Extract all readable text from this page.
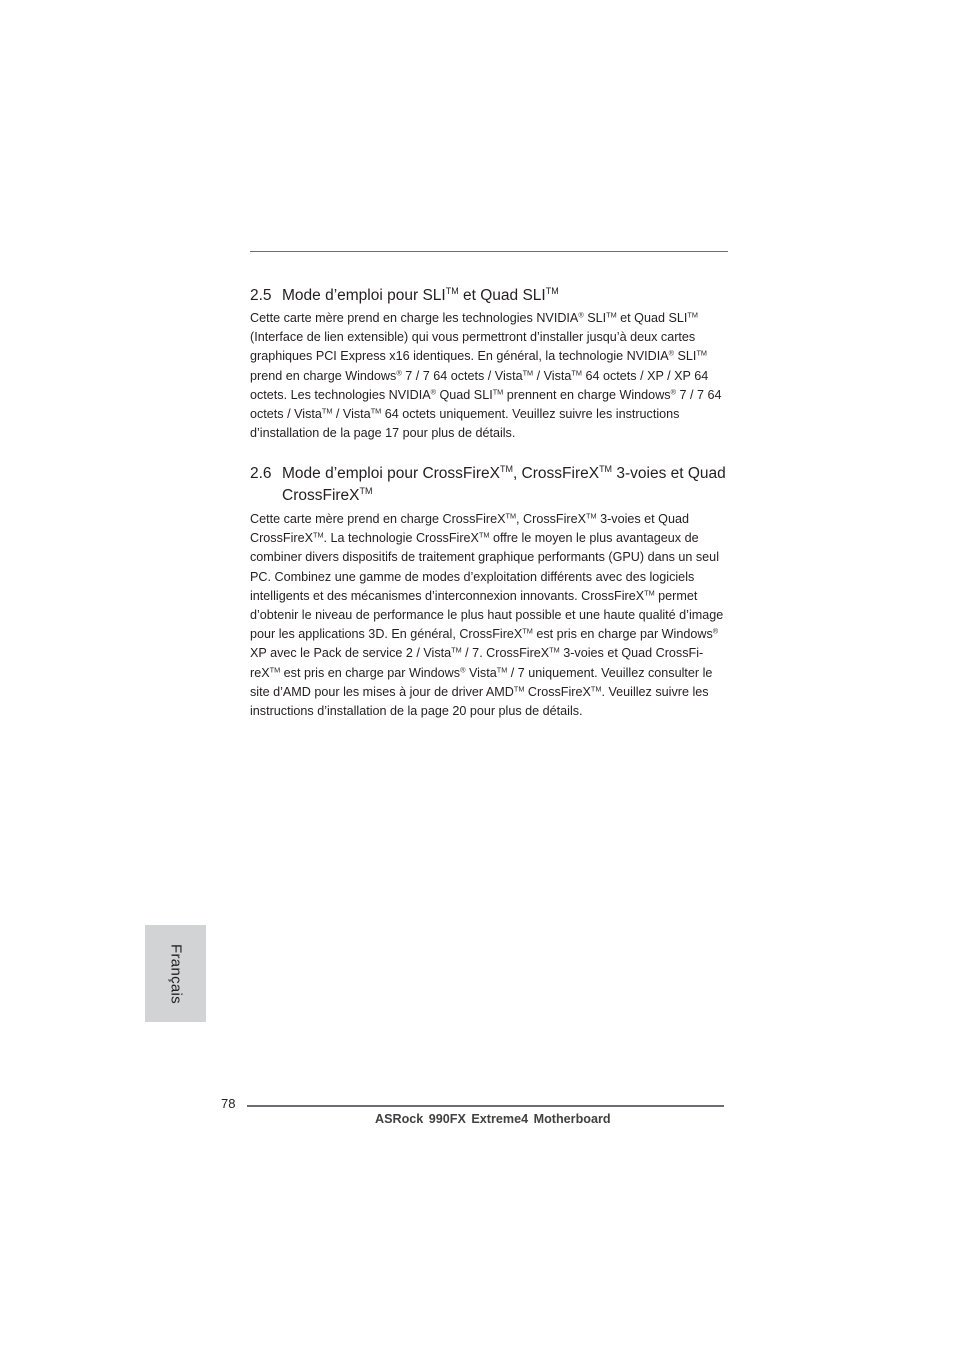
2.5 Mode d’emploi pour SLI™ et Quad SLI™

Cette carte mère prend en charge les technologies NVIDIA® SLI™ et Quad SLI™ (Interface de lien extensible) qui vous permettront d’installer jusqu’à deux cartes graphiques PCI Express x16 identiques. En général, la technologie NVIDIA® SLI™ prend en charge Windows® 7 / 7 64 octets / Vista™ / Vista™ 64 octets / XP / XP 64 octets. Les technologies NVIDIA® Quad SLI™ prennent en charge Windows® 7 / 7 64 octets / Vista™ / Vista™ 64 octets uniquement. Veuillez suivre les instructions d’installation de la page 17 pour plus de détails.

2.6 Mode d’emploi pour CrossFireX™, CrossFireX™ 3-voies et Quad CrossFireX™

Cette carte mère prend en charge CrossFireX™, CrossFireX™ 3-voies et Quad CrossFireX™. La technologie CrossFireX™ offre le moyen le plus avantageux de combiner divers dispositifs de traitement graphique performants (GPU) dans un seul PC. Combinez une gamme de modes d’exploitation différents avec des logiciels intelligents et des mécanismes d’interconnexion innovants. CrossFireX™ permet d’obtenir le niveau de performance le plus haut possible et une haute qualité d’image pour les applications 3D. En général, CrossFireX™ est pris en charge par Windows® XP avec le Pack de service 2 / Vista™ / 7. CrossFireX™ 3-voies et Quad CrossFi-reX™ est pris en charge par Windows® Vista™ / 7 uniquement. Veuillez consulter le site d’AMD pour les mises à jour de driver AMD™ CrossFireX™. Veuillez suivre les instructions d’installation de la page 20 pour plus de détails.

Français
78
ASRock 990FX Extreme4 Motherboard
